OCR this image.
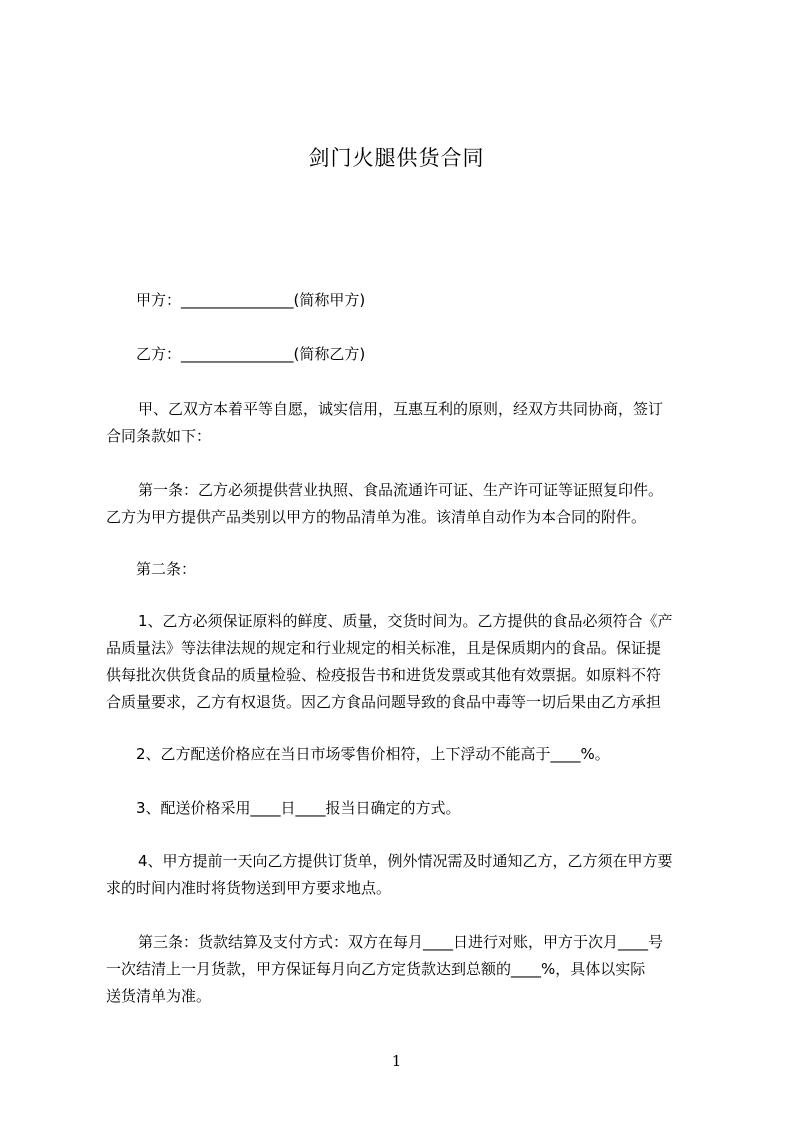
剑门火腿供货合同
甲方：_______________(简称甲方)
乙方：_______________(简称乙方)
甲、乙双方本着平等自愿，诚实信用，互惠互利的原则，经双方共同协商，签订
合同条款如下：
第一条：乙方必须提供营业执照、食品流通许可证、生产许可证等证照复印件。
乙方为甲方提供产品类别以甲方的物品清单为准。该清单自动作为本合同的附件。
第二条：
1、乙方必须保证原料的鲜度、质量，交货时间为。乙方提供的食品必须符合《产
品质量法》等法律法规的规定和行业规定的相关标准，且是保质期内的食品。保证提
供每批次供货食品的质量检验、检疫报告书和进货发票或其他有效票据。如原料不符
合质量要求，乙方有权退货。因乙方食品问题导致的食品中毒等一切后果由乙方承担
2、乙方配送价格应在当日市场零售价相符，上下浮动不能高于____%。
3、配送价格采用____日____报当日确定的方式。
4、甲方提前一天向乙方提供订货单，例外情况需及时通知乙方，乙方须在甲方要
求的时间内准时将货物送到甲方要求地点。
第三条：货款结算及支付方式：双方在每月____日进行对账，甲方于次月____号
一次结清上一月货款，甲方保证每月向乙方定货款达到总额的____%，具体以实际
送货清单为准。
1
